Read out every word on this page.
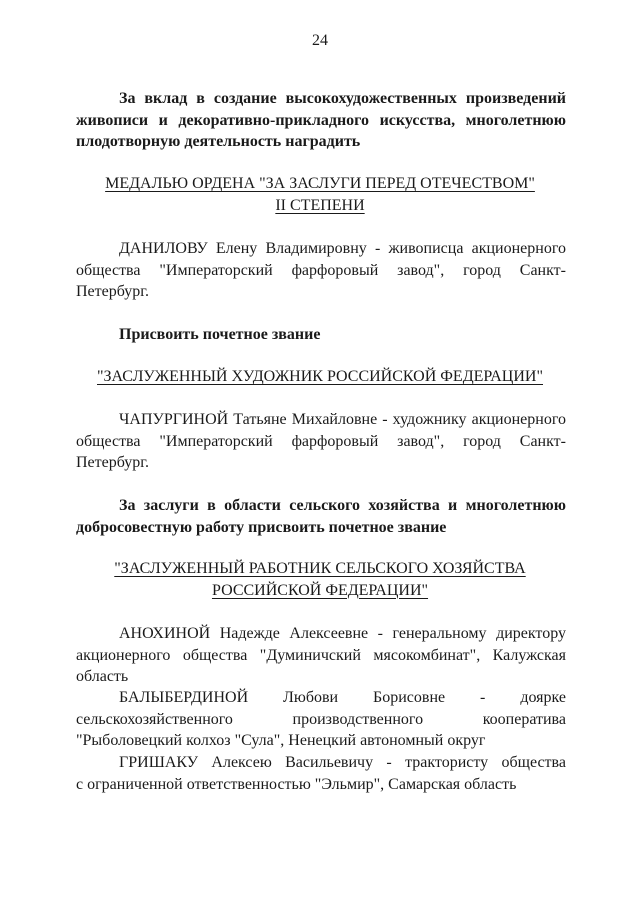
24
За вклад в создание высокохудожественных произведений
живописи и декоративно-прикладного искусства, многолетнюю
плодотворную деятельность наградить
МЕДАЛЬЮ ОРДЕНА "ЗА ЗАСЛУГИ ПЕРЕД ОТЕЧЕСТВОМ"
II СТЕПЕНИ
ДАНИЛОВУ Елену Владимировну - живописца акционерного
общества "Императорский фарфоровый завод", город Санкт-
Петербург.
Присвоить почетное звание
"ЗАСЛУЖЕННЫЙ ХУДОЖНИК РОССИЙСКОЙ ФЕДЕРАЦИИ"
ЧАПУРГИНОЙ Татьяне Михайловне - художнику акционерного
общества "Императорский фарфоровый завод", город Санкт-
Петербург.
За заслуги в области сельского хозяйства и многолетнюю
добросовестную работу присвоить почетное звание
"ЗАСЛУЖЕННЫЙ РАБОТНИК СЕЛЬСКОГО ХОЗЯЙСТВА
РОССИЙСКОЙ ФЕДЕРАЦИИ"
АНОХИНОЙ Надежде Алексеевне - генеральному директору
акционерного общества "Думиничский мясокомбинат", Калужская
область
БАЛЫБЕРДИНОЙ Любови Борисовне - доярке
сельскохозяйственного производственного кооператива
"Рыболовецкий колхоз "Сула", Ненецкий автономный округ
ГРИШАКУ Алексею Васильевичу - трактористу общества
с ограниченной ответственностью "Эльмир", Самарская область
